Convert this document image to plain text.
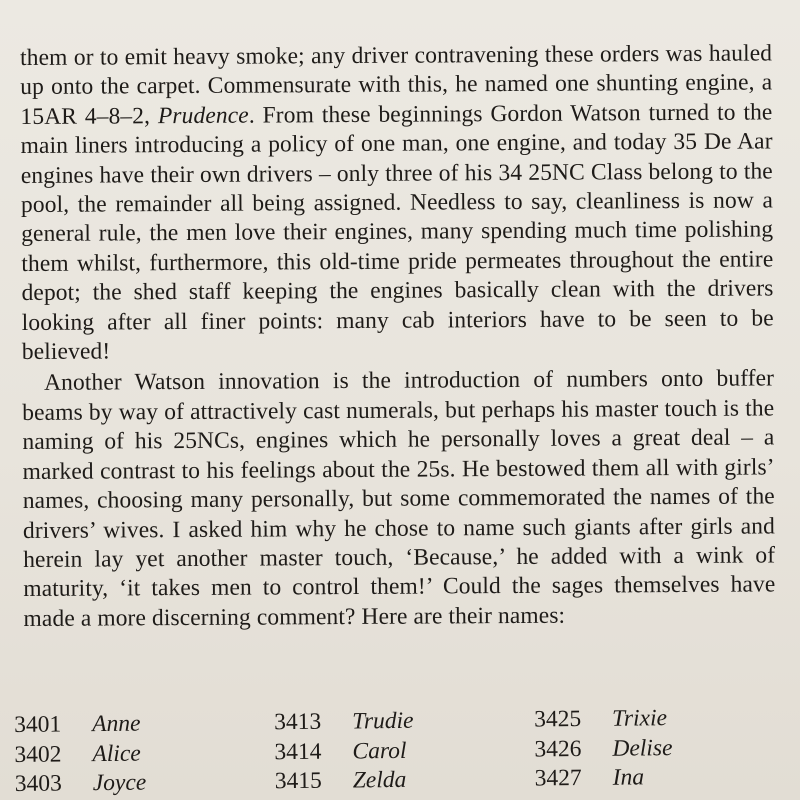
them or to emit heavy smoke; any driver contravening these orders was hauled up onto the carpet. Commensurate with this, he named one shunting engine, a 15AR 4–8–2, Prudence. From these beginnings Gordon Watson turned to the main liners introducing a policy of one man, one engine, and today 35 De Aar engines have their own drivers – only three of his 34 25NC Class belong to the pool, the remainder all being assigned. Needless to say, cleanliness is now a general rule, the men love their engines, many spending much time polishing them whilst, furthermore, this old-time pride permeates throughout the entire depot; the shed staff keeping the engines basically clean with the drivers looking after all finer points: many cab interiors have to be seen to be believed!

Another Watson innovation is the introduction of numbers onto buffer beams by way of attractively cast numerals, but perhaps his master touch is the naming of his 25NCs, engines which he personally loves a great deal – a marked contrast to his feelings about the 25s. He bestowed them all with girls’ names, choosing many personally, but some commemorated the names of the drivers’ wives. I asked him why he chose to name such giants after girls and herein lay yet another master touch, ‘Because,’ he added with a wink of maturity, ‘it takes men to control them!’ Could the sages themselves have made a more discerning comment? Here are their names:

3401	Anne	3413	Trudie	3425	Trixie
3402	Alice	3414	Carol	3426	Delise
3403	Joyce	3415	Zelda	3427	Ina
